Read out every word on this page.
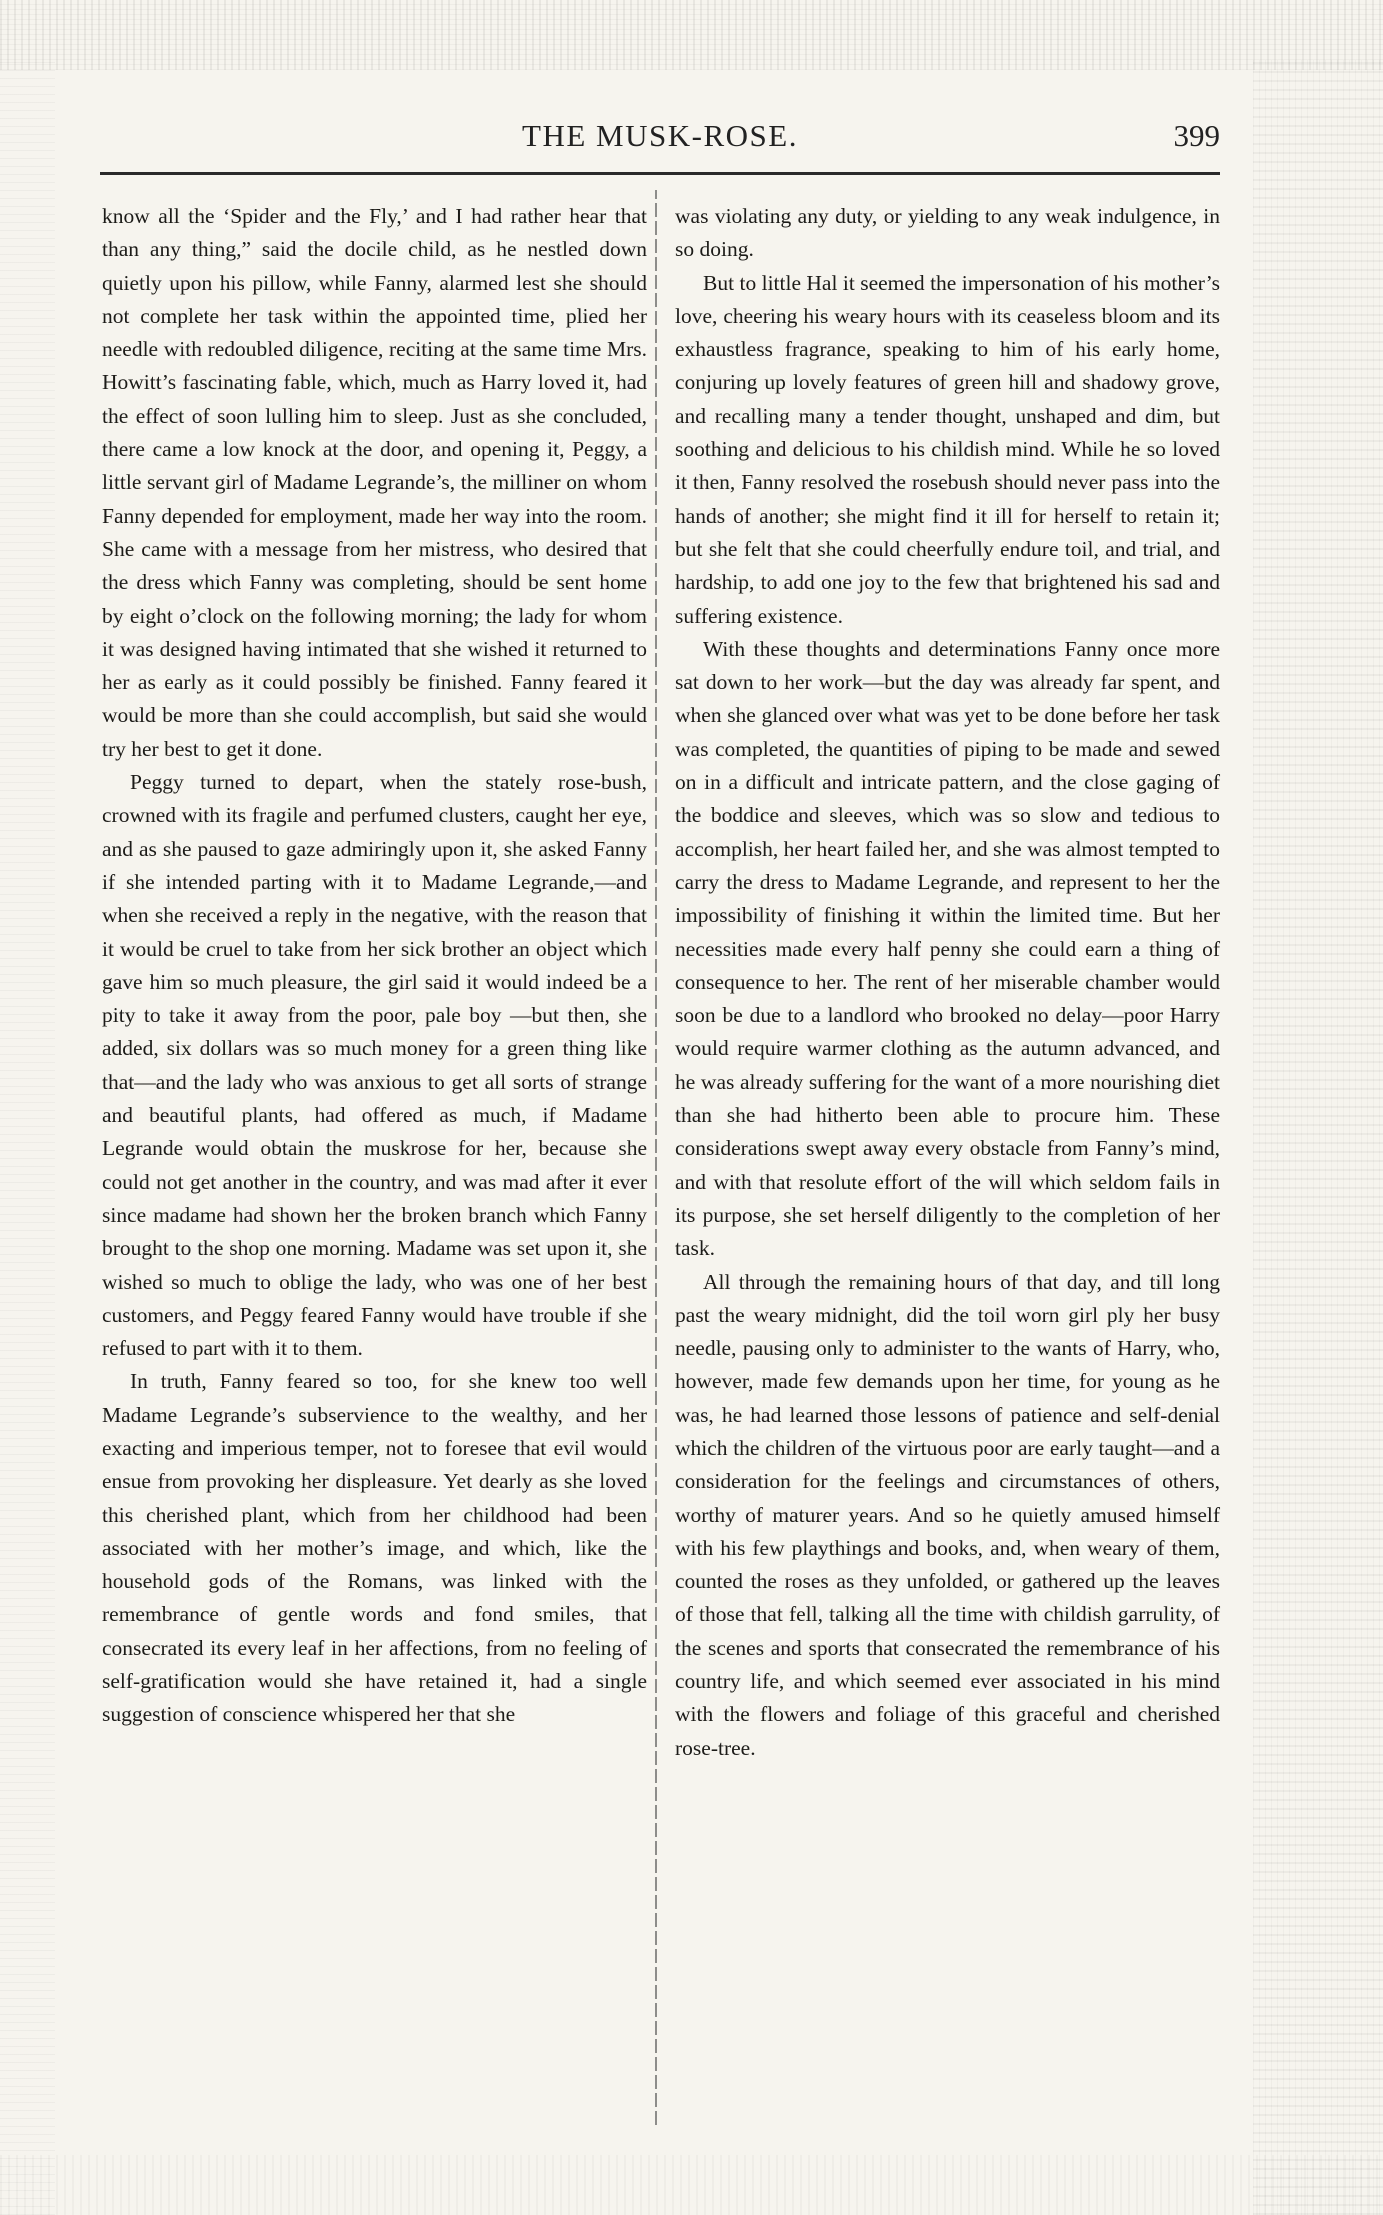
THE MUSK-ROSE.	399

know all the ‘Spider and the Fly,’ and I had rather hear that than any thing,” said the docile child, as he nestled down quietly upon his pillow, while Fanny, alarmed lest she should not complete her task within the appointed time, plied her needle with redoubled diligence, reciting at the same time Mrs. Howitt’s fascinating fable, which, much as Harry loved it, had the effect of soon lulling him to sleep. Just as she concluded, there came a low knock at the door, and opening it, Peggy, a little servant girl of Madame Legrande’s, the milliner on whom Fanny depended for employment, made her way into the room. She came with a message from her mistress, who desired that the dress which Fanny was completing, should be sent home by eight o’clock on the following morning; the lady for whom it was designed having intimated that she wished it returned to her as early as it could possibly be finished. Fanny feared it would be more than she could accomplish, but said she would try her best to get it done.

Peggy turned to depart, when the stately rose-bush, crowned with its fragile and perfumed clusters, caught her eye, and as she paused to gaze admiringly upon it, she asked Fanny if she intended parting with it to Madame Legrande,—and when she received a reply in the negative, with the reason that it would be cruel to take from her sick brother an object which gave him so much pleasure, the girl said it would indeed be a pity to take it away from the poor, pale boy —but then, she added, six dollars was so much money for a green thing like that—and the lady who was anxious to get all sorts of strange and beautiful plants, had offered as much, if Madame Legrande would obtain the muskrose for her, because she could not get another in the country, and was mad after it ever since madame had shown her the broken branch which Fanny brought to the shop one morning. Madame was set upon it, she wished so much to oblige the lady, who was one of her best customers, and Peggy feared Fanny would have trouble if she refused to part with it to them.

In truth, Fanny feared so too, for she knew too well Madame Legrande’s subservience to the wealthy, and her exacting and imperious temper, not to foresee that evil would ensue from provoking her displeasure. Yet dearly as she loved this cherished plant, which from her childhood had been associated with her mother’s image, and which, like the household gods of the Romans, was linked with the remembrance of gentle words and fond smiles, that consecrated its every leaf in her affections, from no feeling of self-gratification would she have retained it, had a single suggestion of conscience whispered her that she

was violating any duty, or yielding to any weak indulgence, in so doing.

But to little Hal it seemed the impersonation of his mother’s love, cheering his weary hours with its ceaseless bloom and its exhaustless fragrance, speaking to him of his early home, conjuring up lovely features of green hill and shadowy grove, and recalling many a tender thought, unshaped and dim, but soothing and delicious to his childish mind. While he so loved it then, Fanny resolved the rosebush should never pass into the hands of another; she might find it ill for herself to retain it; but she felt that she could cheerfully endure toil, and trial, and hardship, to add one joy to the few that brightened his sad and suffering existence.

With these thoughts and determinations Fanny once more sat down to her work—but the day was already far spent, and when she glanced over what was yet to be done before her task was completed, the quantities of piping to be made and sewed on in a difficult and intricate pattern, and the close gaging of the boddice and sleeves, which was so slow and tedious to accomplish, her heart failed her, and she was almost tempted to carry the dress to Madame Legrande, and represent to her the impossibility of finishing it within the limited time. But her necessities made every half penny she could earn a thing of consequence to her. The rent of her miserable chamber would soon be due to a landlord who brooked no delay—poor Harry would require warmer clothing as the autumn advanced, and he was already suffering for the want of a more nourishing diet than she had hitherto been able to procure him. These considerations swept away every obstacle from Fanny’s mind, and with that resolute effort of the will which seldom fails in its purpose, she set herself diligently to the completion of her task.

All through the remaining hours of that day, and till long past the weary midnight, did the toil worn girl ply her busy needle, pausing only to administer to the wants of Harry, who, however, made few demands upon her time, for young as he was, he had learned those lessons of patience and self-denial which the children of the virtuous poor are early taught—and a consideration for the feelings and circumstances of others, worthy of maturer years. And so he quietly amused himself with his few playthings and books, and, when weary of them, counted the roses as they unfolded, or gathered up the leaves of those that fell, talking all the time with childish garrulity, of the scenes and sports that consecrated the remembrance of his country life, and which seemed ever associated in his mind with the flowers and foliage of this graceful and cherished rose-tree.
